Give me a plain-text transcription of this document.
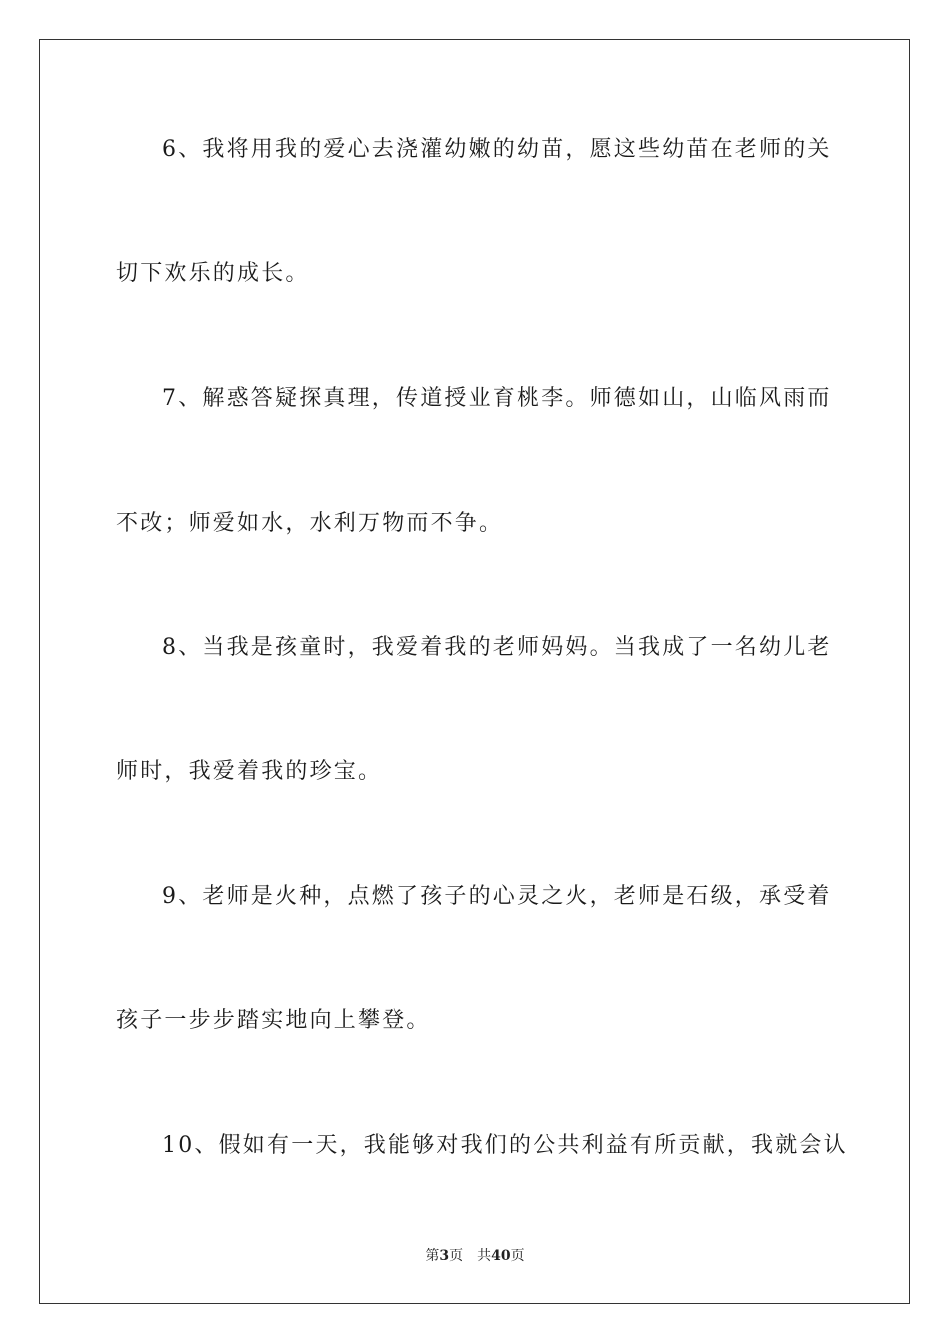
6、我将用我的爱心去浇灌幼嫩的幼苗，愿这些幼苗在老师的关
切下欢乐的成长。
7、解惑答疑探真理，传道授业育桃李。师德如山，山临风雨而
不改；师爱如水，水利万物而不争。
8、当我是孩童时，我爱着我的老师妈妈。当我成了一名幼儿老
师时，我爱着我的珍宝。
9、老师是火种，点燃了孩子的心灵之火，老师是石级，承受着
孩子一步步踏实地向上攀登。
10、假如有一天，我能够对我们的公共利益有所贡献，我就会认
第3页 共40页
